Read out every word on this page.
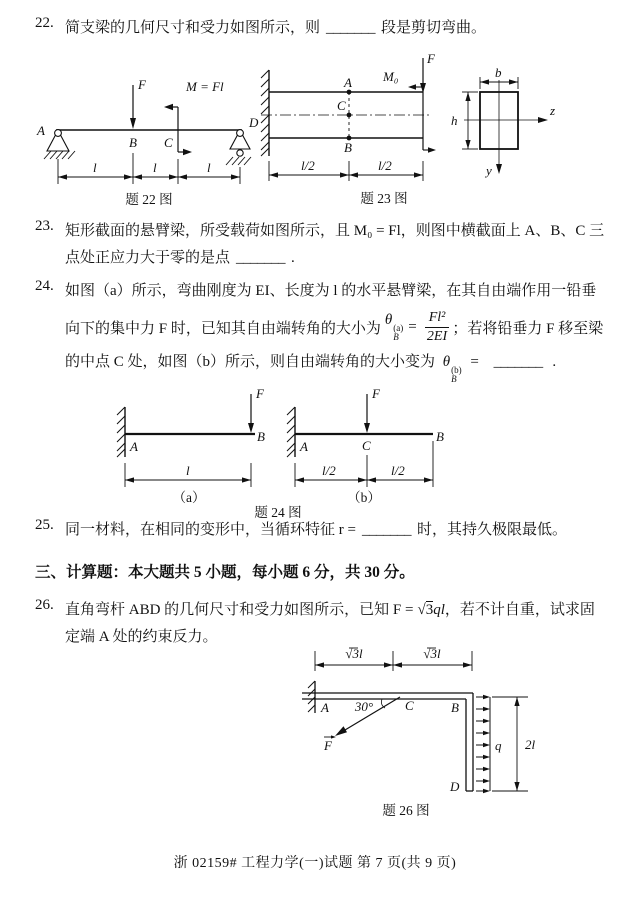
22. 简支梁的几何尺寸和受力如图所示，则 _______ 段是剪切弯曲。
F	M = Fl
A
B C
D
l	l	l
题 22 图
A
C
B
F
M₀
l/2	l/2
题 23 图
z
y
b
h
23. 矩形截面的悬臂梁，所受载荷如图所示，且 M₀ = Fl，则图中横截面上 A、B、C 三
点处正应力大于零的是点 _______ .
24. 如图（a）所示，弯曲刚度为 EI、长度为 l 的水平悬臂梁，在其自由端作用一铅垂
向下的集中力 F 时，已知其自由端转角的大小为
θ (a)
B
= $\frac{\text{Fl²}}{2EI}$ ；若将铅垂力 F 移至梁
的中点 C 处，如图（b）所示，则自由端转角的大小变为 θ (b)
B
= _______ .
F
A
B
l
（a）
F
A	C
B
l/2	l/2
（b）
题 24 图
25. 同一材料，在相同的变形中，当循环特征 r = _______ 时，其持久极限最低。
三、计算题：本大题共 5 小题，每小题 6 分，共 30 分。
26. 直角弯杆 ABD 的几何尺寸和受力如图所示，已知 F = √3ql，若不计自重，试求固
定端 A 处的约束反力。
√3l	√3l
A	C	B
D
30°
F	q 2l
题 26 图
浙 02159# 工程力学(一)试题 第 7 页(共 9 页)
